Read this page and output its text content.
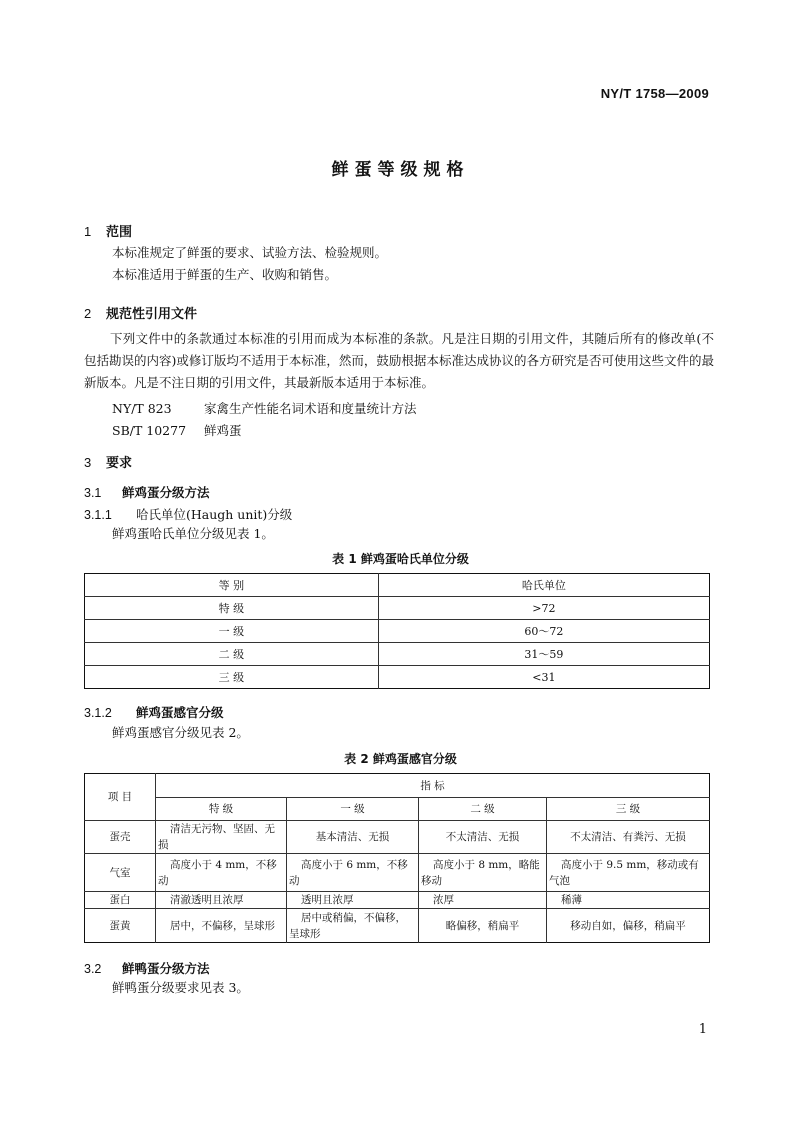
NY/T 1758—2009
鲜蛋等级规格
1 范围
本标准规定了鲜蛋的要求、试验方法、检验规则。
本标准适用于鲜蛋的生产、收购和销售。
2 规范性引用文件
下列文件中的条款通过本标准的引用而成为本标准的条款。凡是注日期的引用文件，其随后所有的修改单(不包括勘误的内容)或修订版均不适用于本标准，然而，鼓励根据本标准达成协议的各方研究是否可使用这些文件的最新版本。凡是不注日期的引用文件，其最新版本适用于本标准。
NY/T 823	家禽生产性能名词术语和度量统计方法
SB/T 10277 鲜鸡蛋
3 要求
3.1 鲜鸡蛋分级方法
3.1.1 哈氏单位(Haugh unit)分级
鲜鸡蛋哈氏单位分级见表 1。
表 1 鲜鸡蛋哈氏单位分级
等 别	哈氏单位
特 级	>72
一 级	60～72
二 级	31～59
三 级	<31
3.1.2 鲜鸡蛋感官分级
鲜鸡蛋感官分级见表 2。
表 2 鲜鸡蛋感官分级
项 目	指 标			
	特 级	一 级	二 级	三 级
蛋壳	清洁无污物、坚固、无损	基本清洁、无损	不太清洁、无损	不太清洁、有粪污、无损
气室	高度小于 4 mm，不移动	高度小于 6 mm，不移动	高度小于 8 mm，略能移动	高度小于 9.5 mm，移动或有气泡
蛋白	清澈透明且浓厚	透明且浓厚	浓厚	稀薄
蛋黄	居中，不偏移，呈球形	居中或稍偏，不偏移，呈球形	略偏移，稍扁平	移动自如，偏移，稍扁平
3.2 鲜鸭蛋分级方法
鲜鸭蛋分级要求见表 3。
1
